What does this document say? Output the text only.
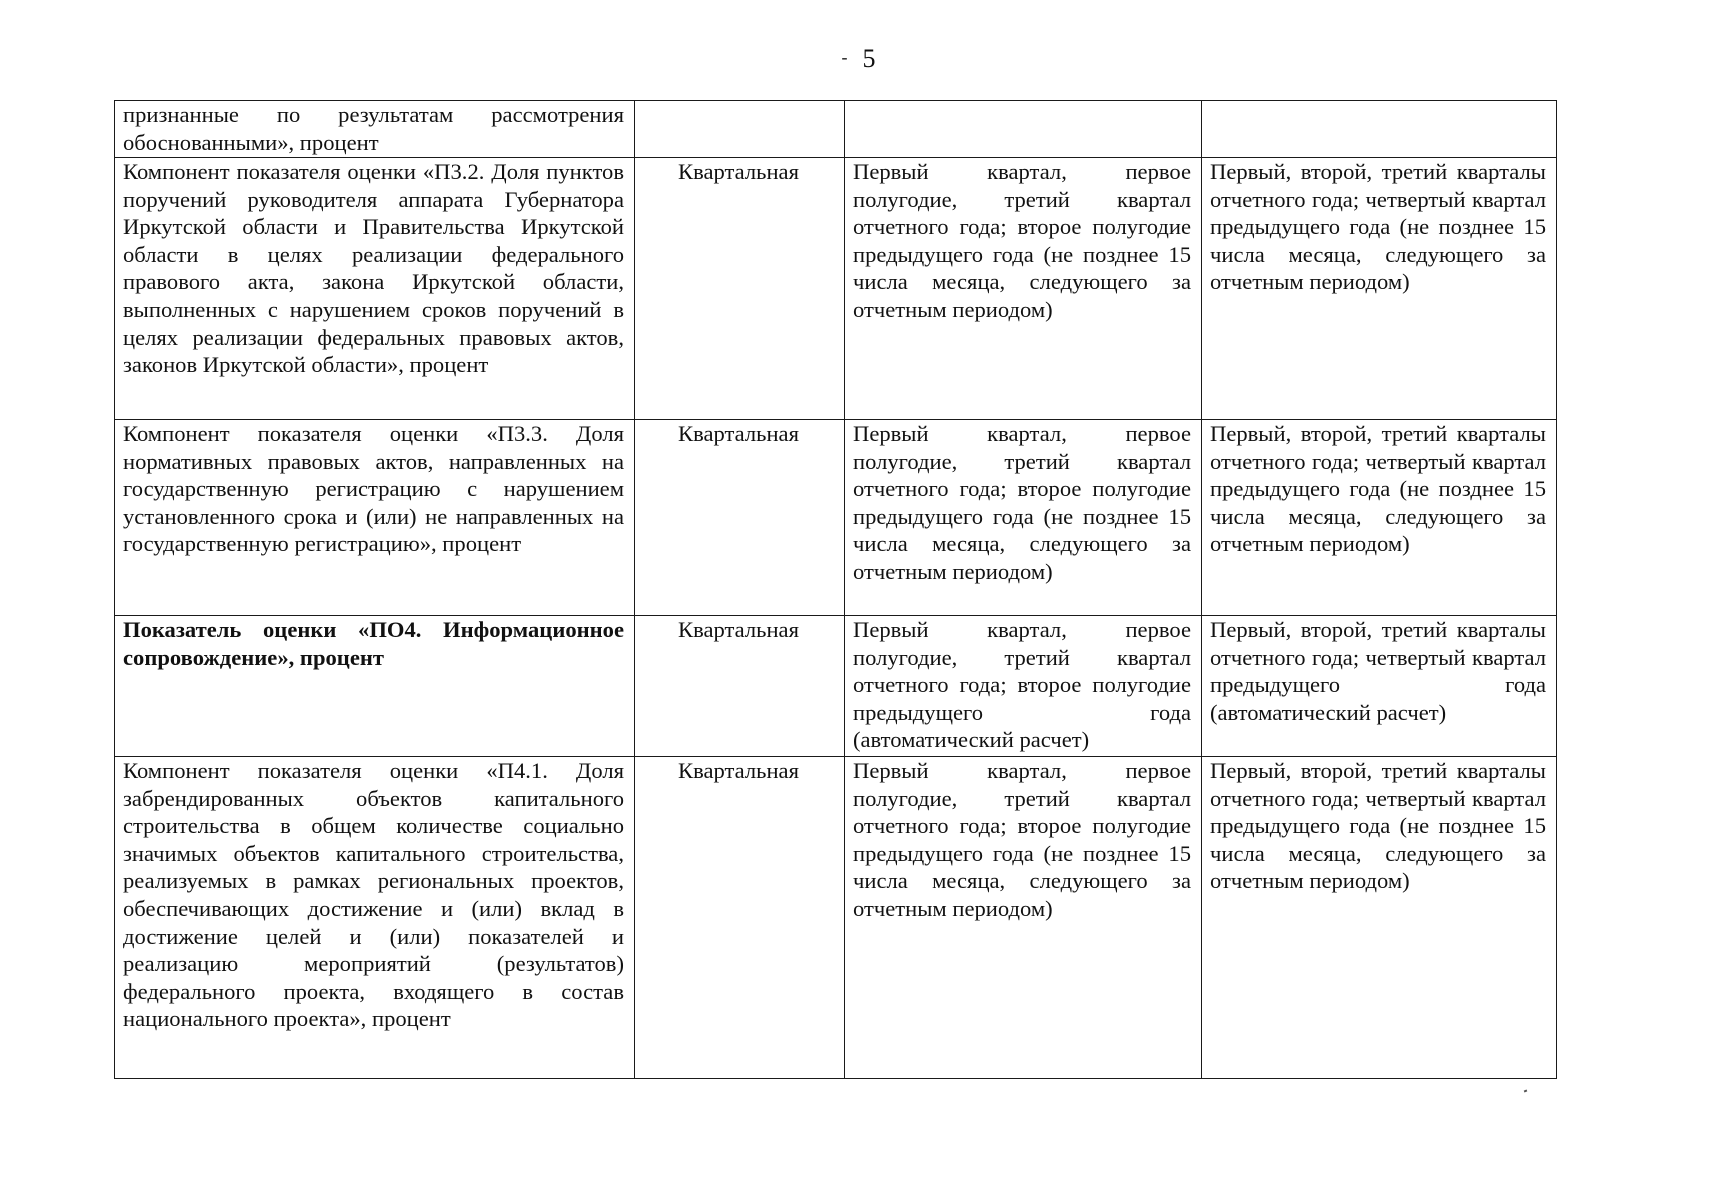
- 5
признанные по результатам рассмотрения обоснованными», процент			
Компонент показателя оценки «П3.2. Доля пунктов поручений руководителя аппарата Губернатора Иркутской области и Правительства Иркутской области в целях реализации федерального правового акта, закона Иркутской области, выполненных с нарушением сроков поручений в целях реализации федеральных правовых актов, законов Иркутской области», процент	Квартальная	Первый квартал, первое полугодие, третий квартал отчетного года; второе полугодие предыдущего года (не позднее 15 числа месяца, следующего за отчетным периодом)	Первый, второй, третий кварталы отчетного года; четвертый квартал предыдущего года (не позднее 15 числа месяца, следующего за отчетным периодом)
Компонент показателя оценки «П3.3. Доля нормативных правовых актов, направленных на государственную регистрацию с нарушением установленного срока и (или) не направленных на государственную регистрацию», процент	Квартальная	Первый квартал, первое полугодие, третий квартал отчетного года; второе полугодие предыдущего года (не позднее 15 числа месяца, следующего за отчетным периодом)	Первый, второй, третий кварталы отчетного года; четвертый квартал предыдущего года (не позднее 15 числа месяца, следующего за отчетным периодом)
Показатель оценки «ПО4. Информационное сопровождение», процент	Квартальная	Первый квартал, первое полугодие, третий квартал отчетного года; второе полугодие предыдущего года (автоматический расчет)	Первый, второй, третий кварталы отчетного года; четвертый квартал предыдущего года (автоматический расчет)
Компонент показателя оценки «П4.1. Доля забрендированных объектов капитального строительства в общем количестве социально значимых объектов капитального строительства, реализуемых в рамках региональных проектов, обеспечивающих достижение и (или) вклад в достижение целей и (или) показателей и реализацию мероприятий (результатов) федерального проекта, входящего в состав национального проекта», процент	Квартальная	Первый квартал, первое полугодие, третий квартал отчетного года; второе полугодие предыдущего года (не позднее 15 числа месяца, следующего за отчетным периодом)	Первый, второй, третий кварталы отчетного года; четвертый квартал предыдущего года (не позднее 15 числа месяца, следующего за отчетным периодом)
